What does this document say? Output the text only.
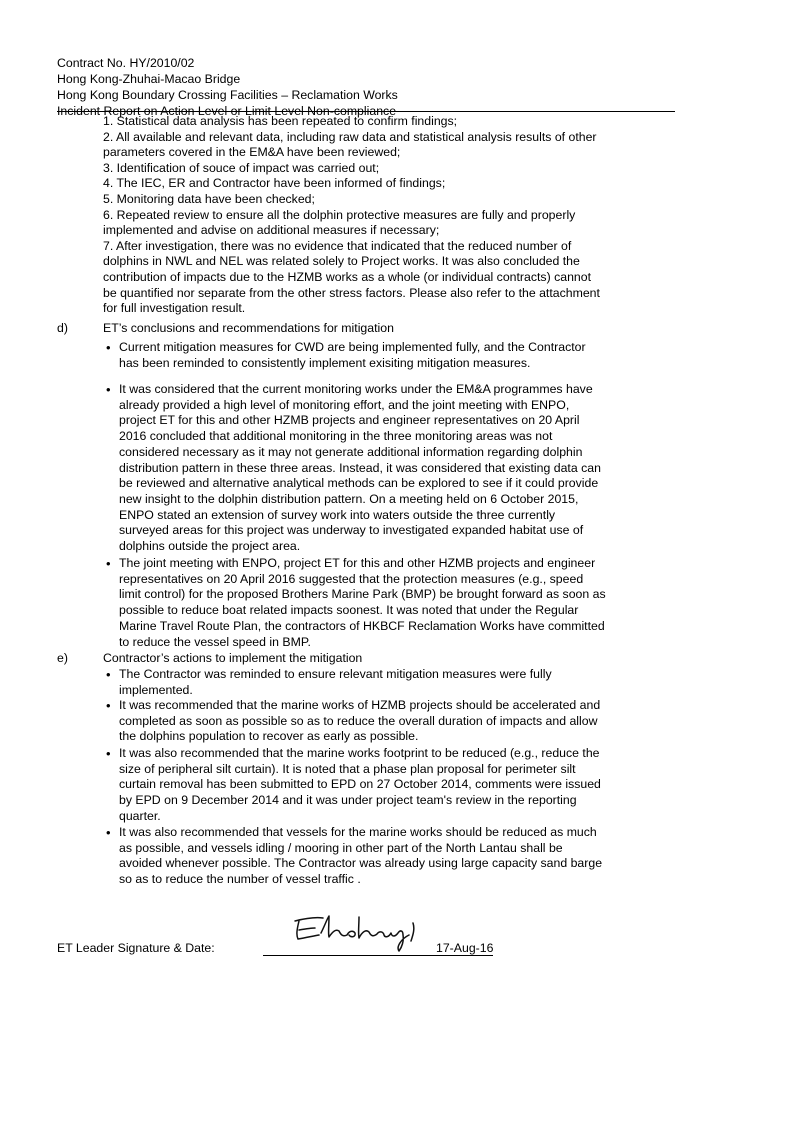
Contract No. HY/2010/02
Hong Kong-Zhuhai-Macao Bridge
Hong Kong Boundary Crossing Facilities – Reclamation Works
Incident Report on Action Level or Limit Level Non-compliance

1. Statistical data analysis has been repeated to confirm findings;

2. All available and relevant data, including raw data and statistical analysis results of other parameters covered in the EM&A have been reviewed;

3. Identification of souce of impact was carried out;

4. The IEC, ER and Contractor have been informed of findings;

5. Monitoring data have been checked;

6. Repeated review to ensure all the dolphin protective measures are fully and properly implemented and advise on additional measures if necessary;

7. After investigation, there was no evidence that indicated that the reduced number of dolphins in NWL and NEL was related solely to Project works. It was also concluded the contribution of impacts due to the HZMB works as a whole (or individual contracts) cannot be quantified nor separate from the other stress factors. Please also refer to the attachment for full investigation result.

d)	ET’s conclusions and recommendations for mitigation
• Current mitigation measures for CWD are being implemented fully, and the Contractor has been reminded to consistently implement exisiting mitigation measures.
• It was considered that the current monitoring works under the EM&A programmes have already provided a high level of monitoring effort, and the joint meeting with ENPO, project ET for this and other HZMB projects and engineer representatives on 20 April 2016 concluded that additional monitoring in the three monitoring areas was not considered necessary as it may not generate additional information regarding dolphin distribution pattern in these three areas. Instead, it was considered that existing data can be reviewed and alternative analytical methods can be explored to see if it could provide new insight to the dolphin distribution pattern. On a meeting held on 6 October 2015, ENPO stated an extension of survey work into waters outside the three currently surveyed areas for this project was underway to investigated expanded habitat use of dolphins outside the project area.
• The joint meeting with ENPO, project ET for this and other HZMB projects and engineer representatives on 20 April 2016 suggested that the protection measures (e.g., speed limit control) for the proposed Brothers Marine Park (BMP) be brought forward as soon as possible to reduce boat related impacts soonest. It was noted that under the Regular Marine Travel Route Plan, the contractors of HKBCF Reclamation Works have committed to reduce the vessel speed in BMP.
e)	Contractor’s actions to implement the mitigation
• The Contractor was reminded to ensure relevant mitigation measures were fully implemented.
• It was recommended that the marine works of HZMB projects should be accelerated and completed as soon as possible so as to reduce the overall duration of impacts and allow the dolphins population to recover as early as possible.
• It was also recommended that the marine works footprint to be reduced (e.g., reduce the size of peripheral silt curtain). It is noted that a phase plan proposal for perimeter silt curtain removal has been submitted to EPD on 27 October 2014, comments were issued by EPD on 9 December 2014 and it was under project team's review in the reporting quarter.
• It was also recommended that vessels for the marine works should be reduced as much as possible, and vessels idling / mooring in other part of the North Lantau shall be avoided whenever possible. The Contractor was already using large capacity sand barge so as to reduce the number of vessel traffic .
ET Leader Signature & Date:	17-Aug-16
